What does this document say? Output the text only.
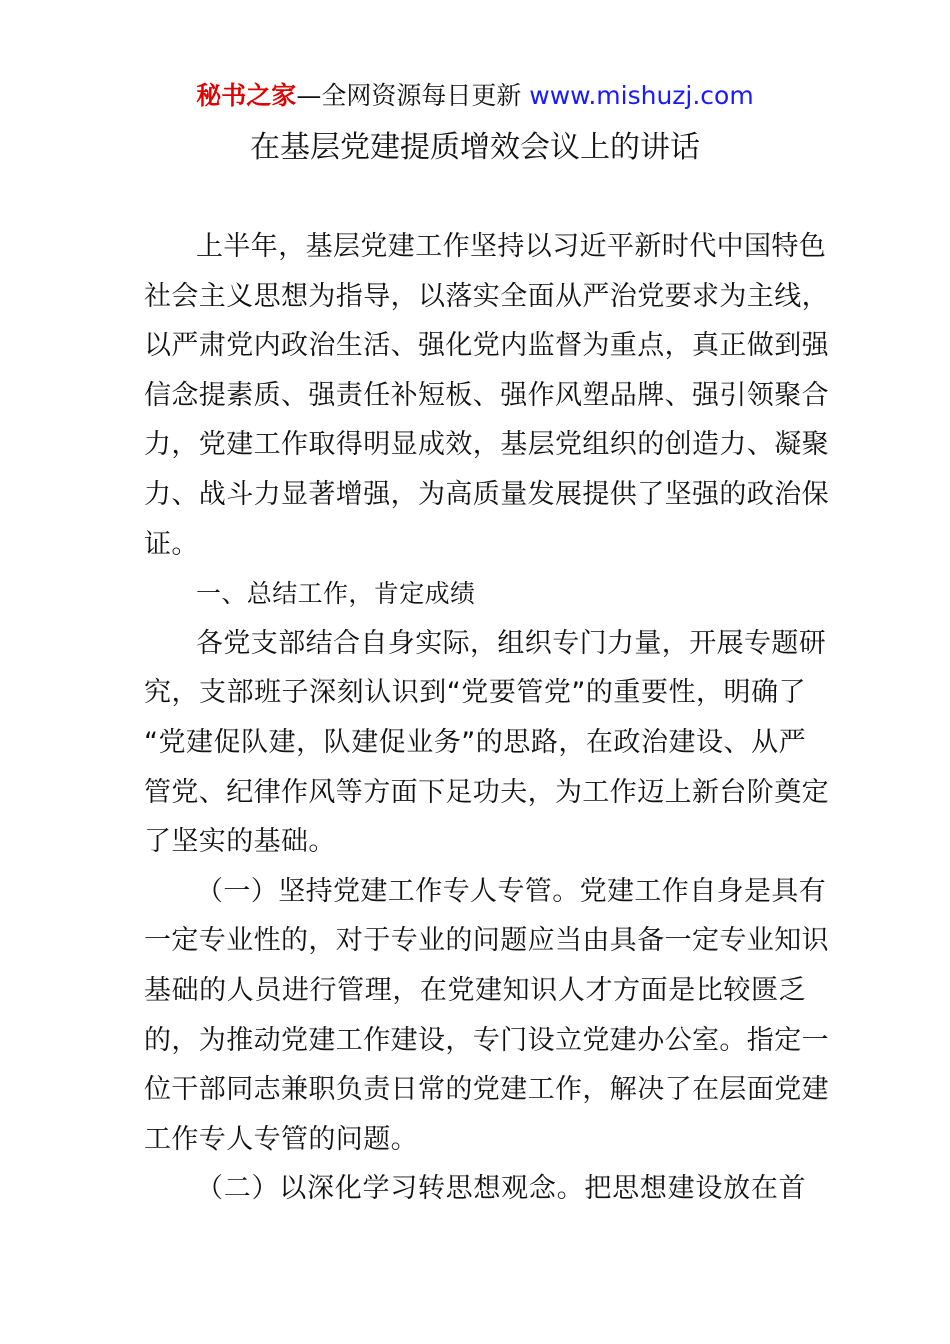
秘书之家—全网资源每日更新 www.mishuzj.com
在基层党建提质增效会议上的讲话
上半年，基层党建工作坚持以习近平新时代中国特色
社会主义思想为指导，以落实全面从严治党要求为主线，
以严肃党内政治生活、强化党内监督为重点，真正做到强
信念提素质、强责任补短板、强作风塑品牌、强引领聚合
力，党建工作取得明显成效，基层党组织的创造力、凝聚
力、战斗力显著增强，为高质量发展提供了坚强的政治保
证。
一、总结工作，肯定成绩
各党支部结合自身实际，组织专门力量，开展专题研
究，支部班子深刻认识到“党要管党”的重要性，明确了
“党建促队建，队建促业务”的思路，在政治建设、从严
管党、纪律作风等方面下足功夫，为工作迈上新台阶奠定
了坚实的基础。
（一）坚持党建工作专人专管。党建工作自身是具有
一定专业性的，对于专业的问题应当由具备一定专业知识
基础的人员进行管理，在党建知识人才方面是比较匮乏
的，为推动党建工作建设，专门设立党建办公室。指定一
位干部同志兼职负责日常的党建工作，解决了在层面党建
工作专人专管的问题。
（二）以深化学习转思想观念。把思想建设放在首
